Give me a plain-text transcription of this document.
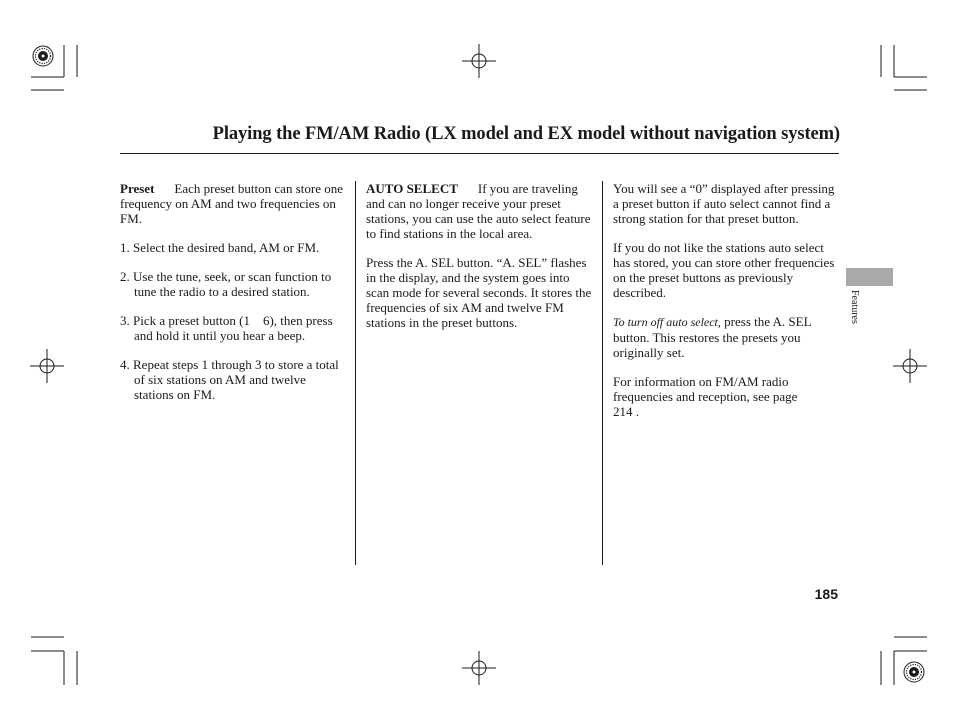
Playing the FM/AM Radio (LX model and EX model without navigation system)

Preset Each preset button can store one frequency on AM and two frequencies on FM.

1. Select the desired band, AM or FM.
2. Use the tune, seek, or scan function to tune the radio to a desired station.
3. Pick a preset button (1    6), then press and hold it until you hear a beep.
4. Repeat steps 1 through 3 to store a total of six stations on AM and twelve stations on FM.

AUTO SELECT If you are traveling and can no longer receive your preset stations, you can use the auto select feature to find stations in the local area.

Press the A. SEL button. “A. SEL” flashes in the display, and the system goes into scan mode for several seconds. It stores the frequencies of six AM and twelve FM stations in the preset buttons.

You will see a “0” displayed after pressing a preset button if auto select cannot find a strong station for that preset button.

If you do not like the stations auto select has stored, you can store other frequencies on the preset buttons as previously described.

To turn off auto select, press the A. SEL button. This restores the presets you originally set.

For information on FM/AM radio frequencies and reception, see page
214 .

Features
185
